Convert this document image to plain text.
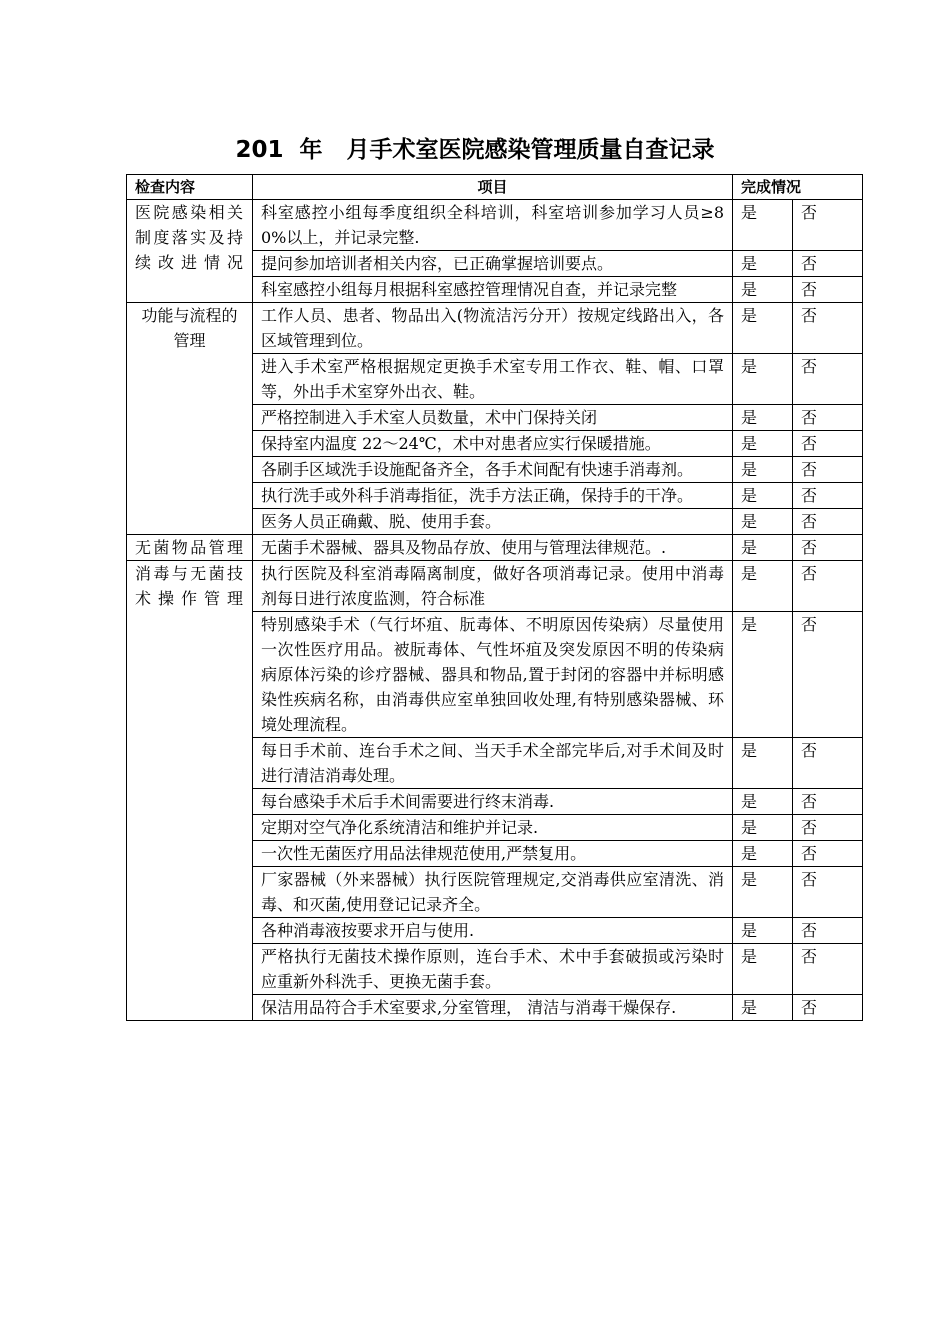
201  年   月手术室医院感染管理质量自查记录
检查内容	项目	完成情况	
医院感染相关制度落实及持续改进情况	科室感控小组每季度组织全科培训，科室培训参加学习人员≥80%以上，并记录完整.	是	否
	提问参加培训者相关内容，已正确掌握培训要点。	是	否
	科室感控小组每月根据科室感控管理情况自查，并记录完整	是	否
功能与流程的管理	工作人员、患者、物品出入(物流洁污分开）按规定线路出入，各区域管理到位。	是	否
	进入手术室严格根据规定更换手术室专用工作衣、鞋、帽、口罩等，外出手术室穿外出衣、鞋。	是	否
	严格控制进入手术室人员数量，术中门保持关闭	是	否
	保持室内温度 22～24℃，术中对患者应实行保暖措施。	是	否
	各刷手区域洗手设施配备齐全，各手术间配有快速手消毒剂。	是	否
	执行洗手或外科手消毒指征，洗手方法正确，保持手的干净。	是	否
	医务人员正确戴、脱、使用手套。	是	否
无菌物品管理	无菌手术器械、器具及物品存放、使用与管理法律规范。.	是	否
消毒与无菌技术操作管理	执行医院及科室消毒隔离制度，做好各项消毒记录。使用中消毒剂每日进行浓度监测，符合标准	是	否
	特别感染手术（气行坏疽、朊毒体、不明原因传染病）尽量使用一次性医疗用品。被朊毒体、气性坏疽及突发原因不明的传染病病原体污染的诊疗器械、器具和物品,置于封闭的容器中并标明感染性疾病名称，由消毒供应室单独回收处理,有特别感染器械、环境处理流程。	是	否
	每日手术前、连台手术之间、当天手术全部完毕后,对手术间及时进行清洁消毒处理。	是	否
	每台感染手术后手术间需要进行终末消毒.	是	否
	定期对空气净化系统清洁和维护并记录.	是	否
	一次性无菌医疗用品法律规范使用,严禁复用。	是	否
	厂家器械（外来器械）执行医院管理规定,交消毒供应室清洗、消毒、和灭菌,使用登记记录齐全。	是	否
	各种消毒液按要求开启与使用.	是	否
	严格执行无菌技术操作原则，连台手术、术中手套破损或污染时应重新外科洗手、更换无菌手套。	是	否
	保洁用品符合手术室要求,分室管理， 清洁与消毒干燥保存.	是	否
